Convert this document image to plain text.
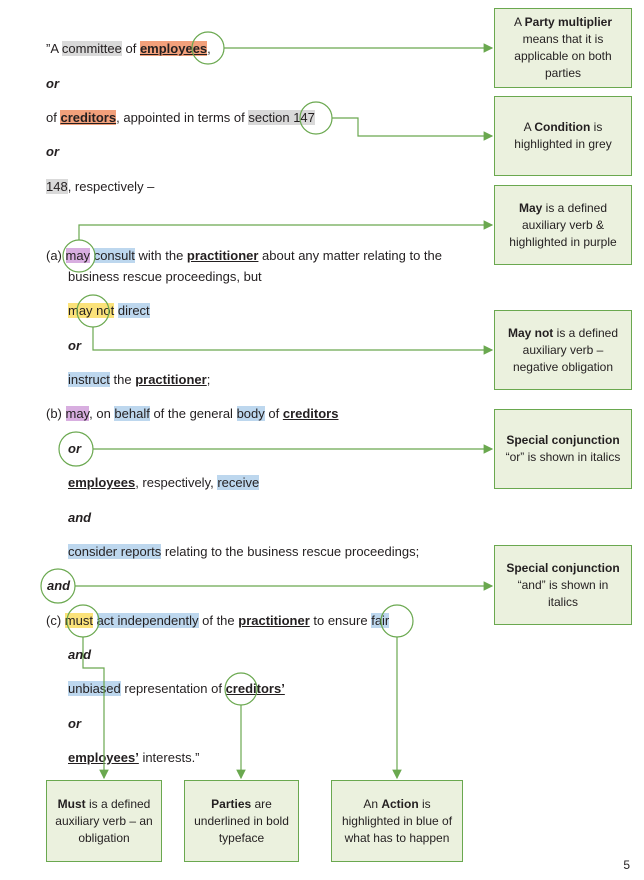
”A committee of employees,
or
of creditors, appointed in terms of section 147
or
148, respectively –
(a) may consult with the practitioner about any matter relating to the
business rescue proceedings, but
may not direct
or
instruct the practitioner;
(b) may, on behalf of the general body of creditors
employees, respectively, receive
and
consider reports relating to the business rescue proceedings;
(c) must act independently of the practitioner to ensure fair
and
unbiased representation of creditors’
or
employees’ interests.”
or
and
A Party multiplier means that it is applicable on both parties
A Condition is highlighted in grey
May is a defined auxiliary verb & highlighted in purple
May not is a defined auxiliary verb – negative obligation
Special conjunction “or” is shown in italics
Special conjunction “and” is shown in italics
Must is a defined auxiliary verb – an obligation
Parties are underlined in bold typeface
An Action is highlighted in blue of what has to happen
5
